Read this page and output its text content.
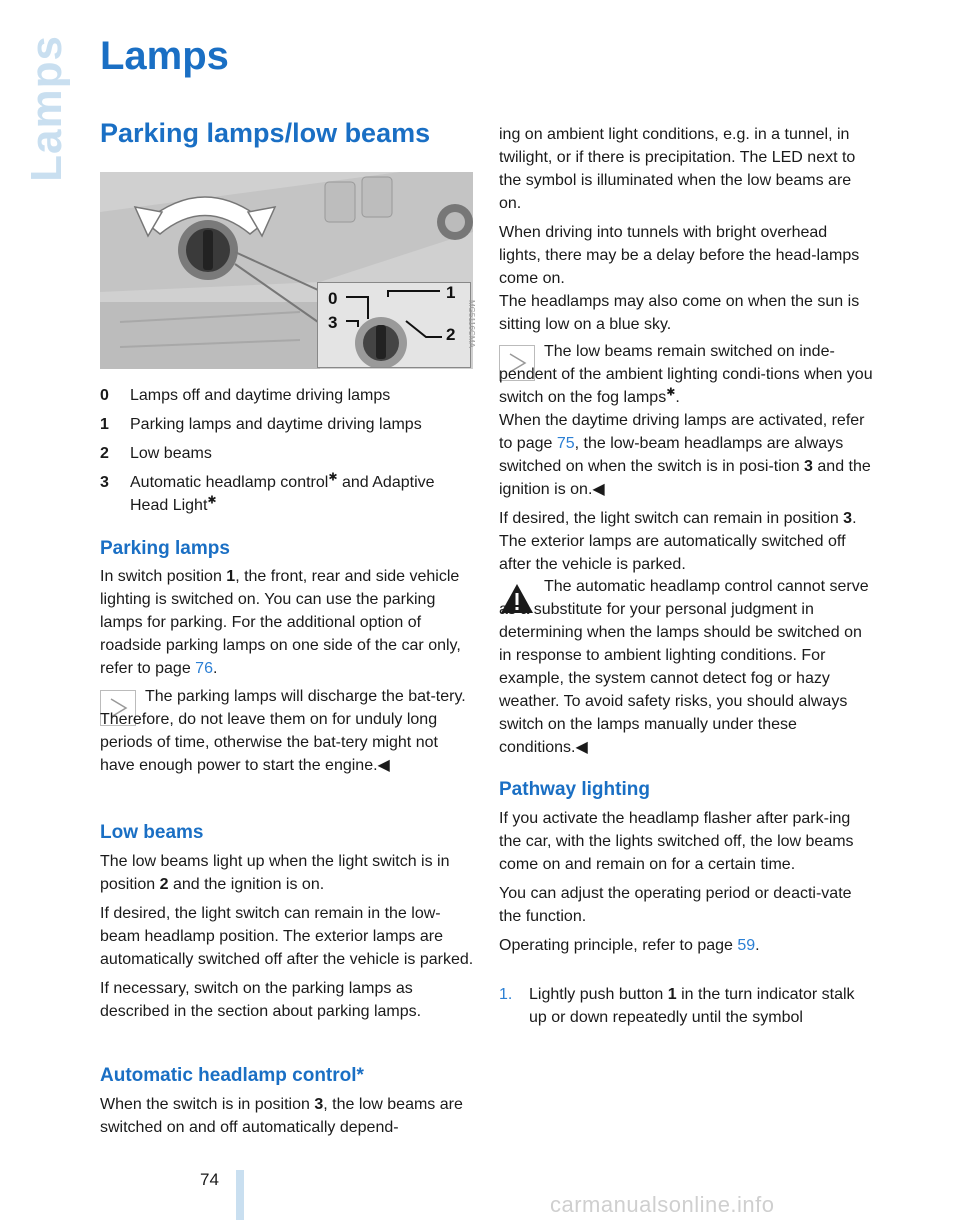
Lamps Lamps
Parking lamps/low beams
0	1
2
3	MG5116CMA
0 Lamps off and daytime driving lamps
1 Parking lamps and daytime driving lamps
2 Low beams
3 Automatic headlamp control✱ and Adaptive
Head Light✱
Parking lamps

In switch position 1, the front, rear and side vehicle lighting is switched on. You can use the parking lamps for parking. For the additional option of roadside parking lamps on one side of the car only, refer to page 76.

The parking lamps will discharge the bat-tery. Therefore, do not leave them on for unduly long periods of time, otherwise the bat-tery might not have enough power to start the engine.◀

Low beams

The low beams light up when the light switch is in position 2 and the ignition is on.

If desired, the light switch can remain in the low-beam headlamp position. The exterior lamps are automatically switched off after the vehicle is parked.

If necessary, switch on the parking lamps as described in the section about parking lamps.

Automatic headlamp control*

When the switch is in position 3, the low beams are switched on and off automatically depend-

ing on ambient light conditions, e.g. in a tunnel, in twilight, or if there is precipitation. The LED next to the symbol is illuminated when the low beams are on.

When driving into tunnels with bright overhead lights, there may be a delay before the head-lamps come on.

The headlamps may also come on when the sun is sitting low on a blue sky.

The low beams remain switched on inde-pendent of the ambient lighting condi-tions when you switch on the fog lamps✱.

When the daytime driving lamps are activated, refer to page 75, the low-beam headlamps are always switched on when the switch is in posi-tion 3 and the ignition is on.◀

If desired, the light switch can remain in position 3. The exterior lamps are automatically switched off after the vehicle is parked.

The automatic headlamp control cannot serve as a substitute for your personal judgment in determining when the lamps should be switched on in response to ambient lighting conditions. For example, the system cannot detect fog or hazy weather. To avoid safety risks, you should always switch on the lamps manually under these conditions.◀

Pathway lighting

If you activate the headlamp flasher after park-ing the car, with the lights switched off, the low beams come on and remain on for a certain time.

You can adjust the operating period or deacti-vate the function.

Operating principle, refer to page 59.

1. Lightly push button 1 in the turn indicator stalk up or down repeatedly until the symbol
74
carmanualsonline.info
